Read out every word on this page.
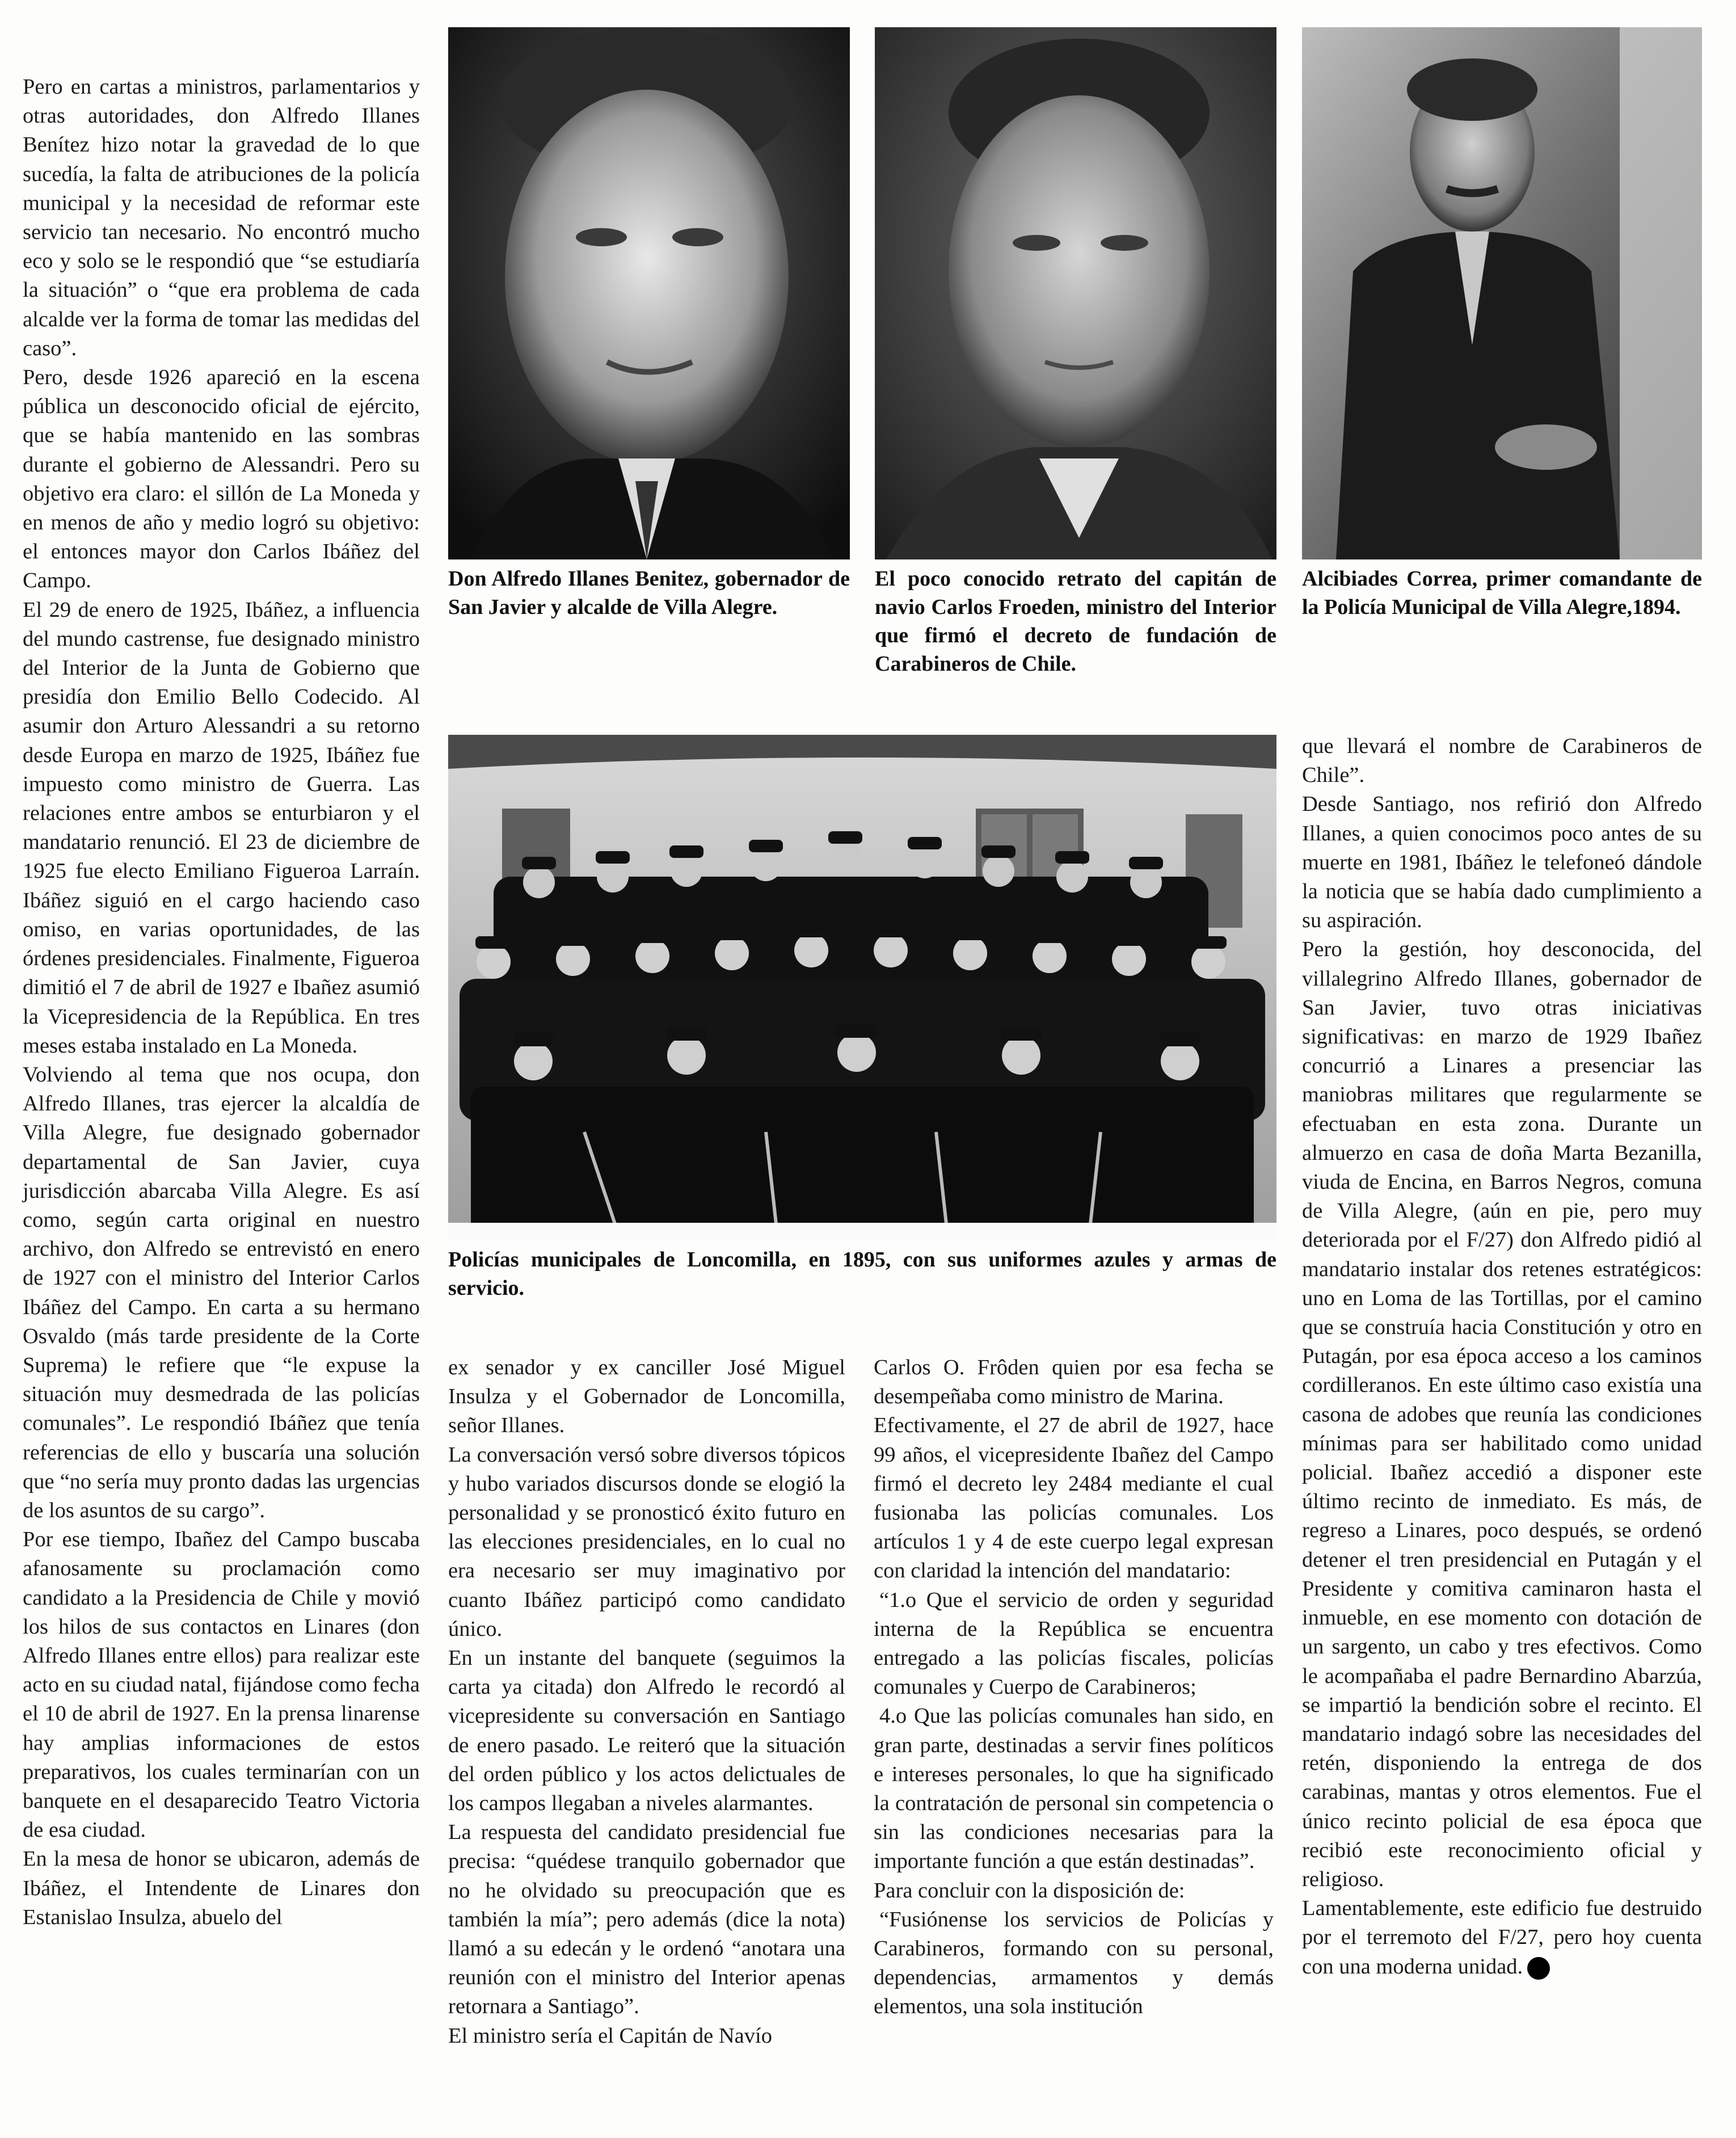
Don Alfredo Illanes Benitez, gobernador de San Javier y alcalde de Villa Alegre.
El poco conocido retrato del capitán de navio Carlos Froeden, ministro del Interior que firmó el decreto de fundación de Carabineros de Chile.
Alcibiades Correa, primer comandante de la Policía Municipal de Villa Alegre,1894.
Policías municipales de Loncomilla, en 1895, con sus uniformes azules y armas de servicio.

Pero en cartas a ministros, parlamentarios y otras autoridades, don Alfredo Illanes Benítez hizo notar la gravedad de lo que sucedía, la falta de atribuciones de la policía municipal y la necesidad de reformar este servicio tan necesario. No encontró mucho eco y solo se le respondió que “se estudiaría la situación” o “que era problema de cada alcalde ver la forma de tomar las medidas del caso”.

Pero, desde 1926 apareció en la escena pública un desconocido oficial de ejército, que se había mantenido en las sombras durante el gobierno de Alessandri. Pero su objetivo era claro: el sillón de La Moneda y en menos de año y medio logró su objetivo: el entonces mayor don Carlos Ibáñez del Campo.

El 29 de enero de 1925, Ibáñez, a influencia del mundo castrense, fue designado ministro del Interior de la Junta de Gobierno que presidía don Emilio Bello Codecido. Al asumir don Arturo Alessandri a su retorno desde Europa en marzo de 1925, Ibáñez fue impuesto como ministro de Guerra. Las relaciones entre ambos se enturbiaron y el mandatario renunció. El 23 de diciembre de 1925 fue electo Emiliano Figueroa Larraín. Ibáñez siguió en el cargo haciendo caso omiso, en varias oportunidades, de las órdenes presidenciales. Finalmente, Figueroa dimitió el 7 de abril de 1927 e Ibañez asumió la Vicepresidencia de la República. En tres meses estaba instalado en La Moneda.

Volviendo al tema que nos ocupa, don Alfredo Illanes, tras ejercer la alcaldía de Villa Alegre, fue designado gobernador departamental de San Javier, cuya jurisdicción abarcaba Villa Alegre. Es así como, según carta original en nuestro archivo, don Alfredo se entrevistó en enero de 1927 con el ministro del Interior Carlos Ibáñez del Campo. En carta a su hermano Osvaldo (más tarde presidente de la Corte Suprema) le refiere que “le expuse la situación muy desmedrada de las policías comunales”. Le respondió Ibáñez que tenía referencias de ello y buscaría una solución que “no sería muy pronto dadas las urgencias de los asuntos de su cargo”.

Por ese tiempo, Ibañez del Campo buscaba afanosamente su proclamación como candidato a la Presidencia de Chile y movió los hilos de sus contactos en Linares (don Alfredo Illanes entre ellos) para realizar este acto en su ciudad natal, fijándose como fecha el 10 de abril de 1927. En la prensa linarense hay amplias informaciones de estos preparativos, los cuales terminarían con un banquete en el desaparecido Teatro Victoria de esa ciudad.

En la mesa de honor se ubicaron, además de Ibáñez, el Intendente de Linares don Estanislao Insulza, abuelo del

ex senador y ex canciller José Miguel Insulza y el Gobernador de Loncomilla, señor Illanes.

La conversación versó sobre diversos tópicos y hubo variados discursos donde se elogió la personalidad y se pronosticó éxito futuro en las elecciones presidenciales, en lo cual no era necesario ser muy imaginativo por cuanto Ibáñez participó como candidato único.

En un instante del banquete (seguimos la carta ya citada) don Alfredo le recordó al vicepresidente su conversación en Santiago de enero pasado. Le reiteró que la situación del orden público y los actos delictuales de los campos llegaban a niveles alarmantes.

La respuesta del candidato presidencial fue precisa: “quédese tranquilo gobernador que no he olvidado su preocupación que es también la mía”; pero además (dice la nota) llamó a su edecán y le ordenó “anotara una reunión con el ministro del Interior apenas retornara a Santiago”.

El ministro sería el Capitán de Navío

Carlos O. Frôden quien por esa fecha se desempeñaba como ministro de Marina.

Efectivamente, el 27 de abril de 1927, hace 99 años, el vicepresidente Ibañez del Campo firmó el decreto ley 2484 mediante el cual fusionaba las policías comunales. Los artículos 1 y 4 de este cuerpo legal expresan con claridad la intención del mandatario:

“1.o Que el servicio de orden y seguridad interna de la República se encuentra entregado a las policías fiscales, policías comunales y Cuerpo de Carabineros;

4.o Que las policías comunales han sido, en gran parte, destinadas a servir fines políticos e intereses personales, lo que ha significado la contratación de personal sin competencia o sin las condiciones necesarias para la importante función a que están destinadas”.

Para concluir con la disposición de:

“Fusiónense los servicios de Policías y Carabineros, formando con su personal, dependencias, armamentos y demás elementos, una sola institución

que llevará el nombre de Carabineros de Chile”.

Desde Santiago, nos refirió don Alfredo Illanes, a quien conocimos poco antes de su muerte en 1981, Ibáñez le telefoneó dándole la noticia que se había dado cumplimiento a su aspiración.

Pero la gestión, hoy desconocida, del villalegrino Alfredo Illanes, gobernador de San Javier, tuvo otras iniciativas significativas: en marzo de 1929 Ibañez concurrió a Linares a presenciar las maniobras militares que regularmente se efectuaban en esta zona. Durante un almuerzo en casa de doña Marta Bezanilla, viuda de Encina, en Barros Negros, comuna de Villa Alegre, (aún en pie, pero muy deteriorada por el F/27) don Alfredo pidió al mandatario instalar dos retenes estratégicos: uno en Loma de las Tortillas, por el camino que se construía hacia Constitución y otro en Putagán, por esa época acceso a los caminos cordilleranos. En este último caso existía una casona de adobes que reunía las condiciones mínimas para ser habilitado como unidad policial. Ibañez accedió a disponer este último recinto de inmediato. Es más, de regreso a Linares, poco después, se ordenó detener el tren presidencial en Putagán y el Presidente y comitiva caminaron hasta el inmueble, en ese momento con dotación de un sargento, un cabo y tres efectivos. Como le acompañaba el padre Bernardino Abarzúa, se impartió la bendición sobre el recinto. El mandatario indagó sobre las necesidades del retén, disponiendo la entrega de dos carabinas, mantas y otros elementos. Fue el único recinto policial de esa época que recibió este reconocimiento oficial y religioso.

Lamentablemente, este edificio fue destruido por el terremoto del F/27, pero hoy cuenta con una moderna unidad.
